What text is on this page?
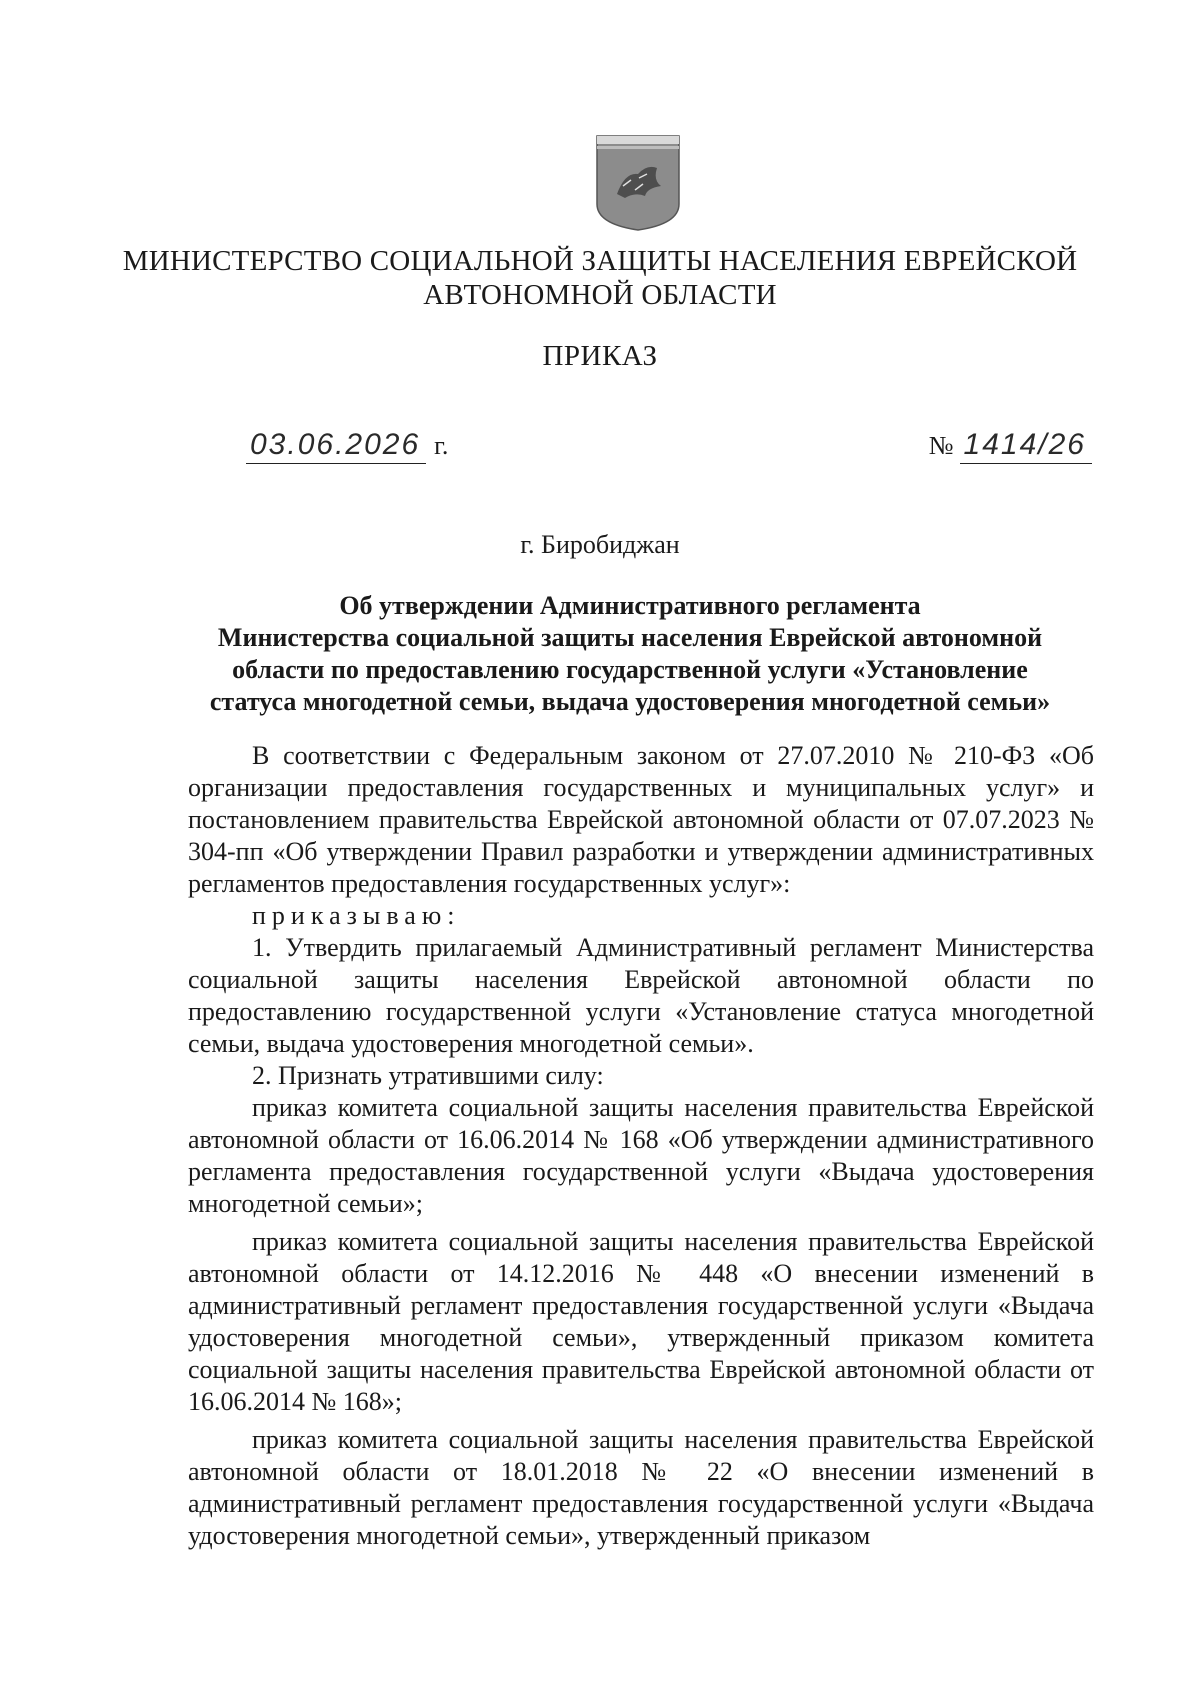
МИНИСТЕРСТВО СОЦИАЛЬНОЙ ЗАЩИТЫ НАСЕЛЕНИЯ ЕВРЕЙСКОЙ
АВТОНОМНОЙ ОБЛАСТИ
ПРИКАЗ
03.06.2026 г.	№ 1414/26
г. Биробиджан
Об утверждении Административного регламента
Министерства социальной защиты населения Еврейской автономной
области по предоставлению государственной услуги «Установление
статуса многодетной семьи, выдача удостоверения многодетной семьи»

В соответствии с Федеральным законом от 27.07.2010 № 210-ФЗ «Об организации предоставления государственных и муниципальных услуг» и постановлением правительства Еврейской автономной области от 07.07.2023 № 304-пп «Об утверждении Правил разработки и утверждении административных регламентов предоставления государственных услуг»:

приказываю:

1. Утвердить прилагаемый Административный регламент Министерства социальной защиты населения Еврейской автономной области по предоставлению государственной услуги «Установление статуса многодетной семьи, выдача удостоверения многодетной семьи».

2. Признать утратившими силу:

приказ комитета социальной защиты населения правительства Еврейской автономной области от 16.06.2014 № 168 «Об утверждении административного регламента предоставления государственной услуги «Выдача удостоверения многодетной семьи»;

приказ комитета социальной защиты населения правительства Еврейской автономной области от 14.12.2016 № 448 «О внесении изменений в административный регламент предоставления государственной услуги «Выдача удостоверения многодетной семьи», утвержденный приказом комитета социальной защиты населения правительства Еврейской автономной области от 16.06.2014 № 168»;

приказ комитета социальной защиты населения правительства Еврейской автономной области от 18.01.2018 № 22 «О внесении изменений в административный регламент предоставления государственной услуги «Выдача удостоверения многодетной семьи», утвержденный приказом
